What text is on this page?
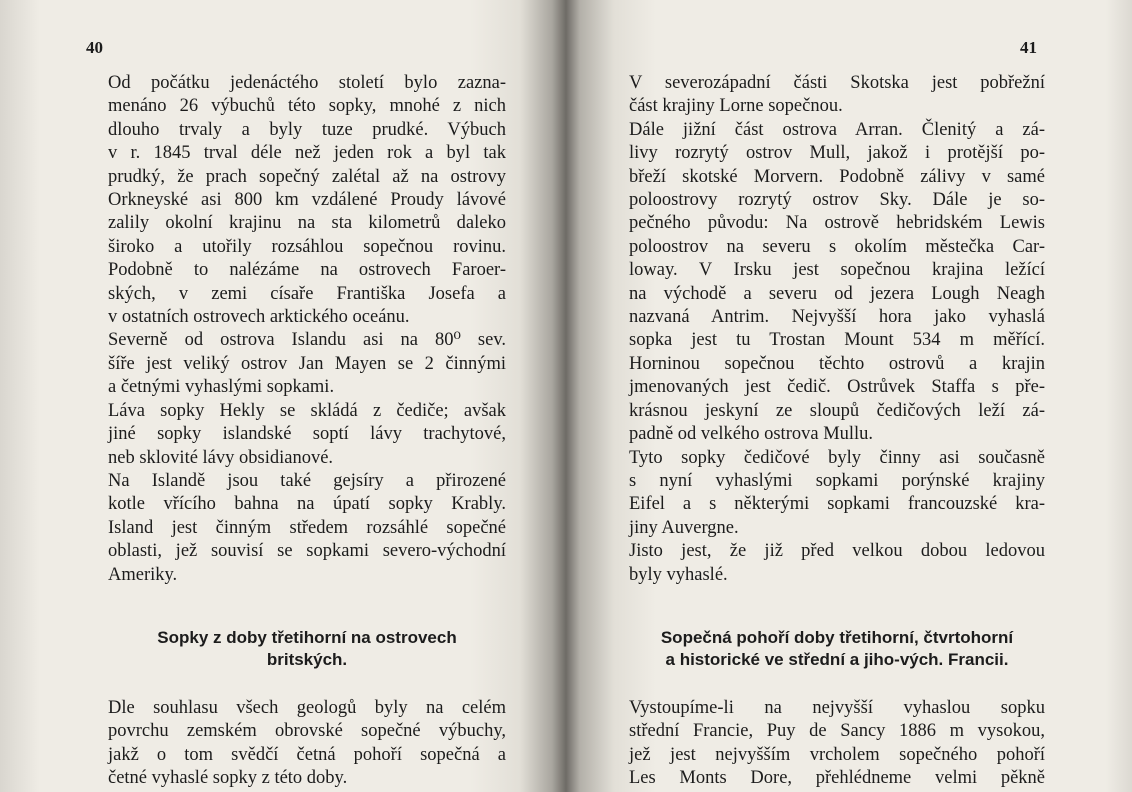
40
Od počátku jedenáctého století bylo zazna-
menáno 26 výbuchů této sopky, mnohé z nich
dlouho trvaly a byly tuze prudké. Výbuch
v r. 1845 trval déle než jeden rok a byl tak
prudký, že prach sopečný zalétal až na ostrovy
Orkneyské asi 800 km vzdálené Proudy lávové
zalily okolní krajinu na sta kilometrů daleko
široko a utořily rozsáhlou sopečnou rovinu.
Podobně to nalézáme na ostrovech Faroer-
ských, v zemi císaře Františka Josefa a
v ostatních ostrovech arktického oceánu.
Severně od ostrova Islandu asi na 80⁰ sev.
šíře jest veliký ostrov Jan Mayen se 2 činnými
a četnými vyhaslými sopkami.
Láva sopky Hekly se skládá z čediče; avšak
jiné sopky islandské soptí lávy trachytové,
neb sklovité lávy obsidianové.
Na Islandě jsou také gejsíry a přirozené
kotle vřícího bahna na úpatí sopky Krably.
Island jest činným středem rozsáhlé sopečné
oblasti, jež souvisí se sopkami severo-východní
Ameriky.
Sopky z doby třetihorní na ostrovech
britských.
Dle souhlasu všech geologů byly na celém
povrchu zemském obrovské sopečné výbuchy,
jakž o tom svědčí četná pohoří sopečná a
četné vyhaslé sopky z této doby.
41
V severozápadní části Skotska jest pobřežní
část krajiny Lorne sopečnou.
Dále jižní část ostrova Arran. Členitý a zá-
livy rozrytý ostrov Mull, jakož i protější po-
břeží skotské Morvern. Podobně zálivy v samé
poloostrovy rozrytý ostrov Sky. Dále je so-
pečného původu: Na ostrově hebridském Lewis
poloostrov na severu s okolím městečka Car-
loway. V Irsku jest sopečnou krajina ležící
na východě a severu od jezera Lough Neagh
nazvaná Antrim. Nejvyšší hora jako vyhaslá
sopka jest tu Trostan Mount 534 m měřící.
Horninou sopečnou těchto ostrovů a krajin
jmenovaných jest čedič. Ostrůvek Staffa s pře-
krásnou jeskyní ze sloupů čedičových leží zá-
padně od velkého ostrova Mullu.
Tyto sopky čedičové byly činny asi současně
s nyní vyhaslými sopkami porýnské krajiny
Eifel a s některými sopkami francouzské kra-
jiny Auvergne.
Jisto jest, že již před velkou dobou ledovou
byly vyhaslé.
Sopečná pohoří doby třetihorní, čtvrtohorní
a historické ve střední a jiho-vých. Francii.
Vystoupíme-li na nejvyšší vyhaslou sopku
střední Francie, Puy de Sancy 1886 m vysokou,
jež jest nejvyšším vrcholem sopečného pohoří
Les Monts Dore, přehlédneme velmi pěkně
